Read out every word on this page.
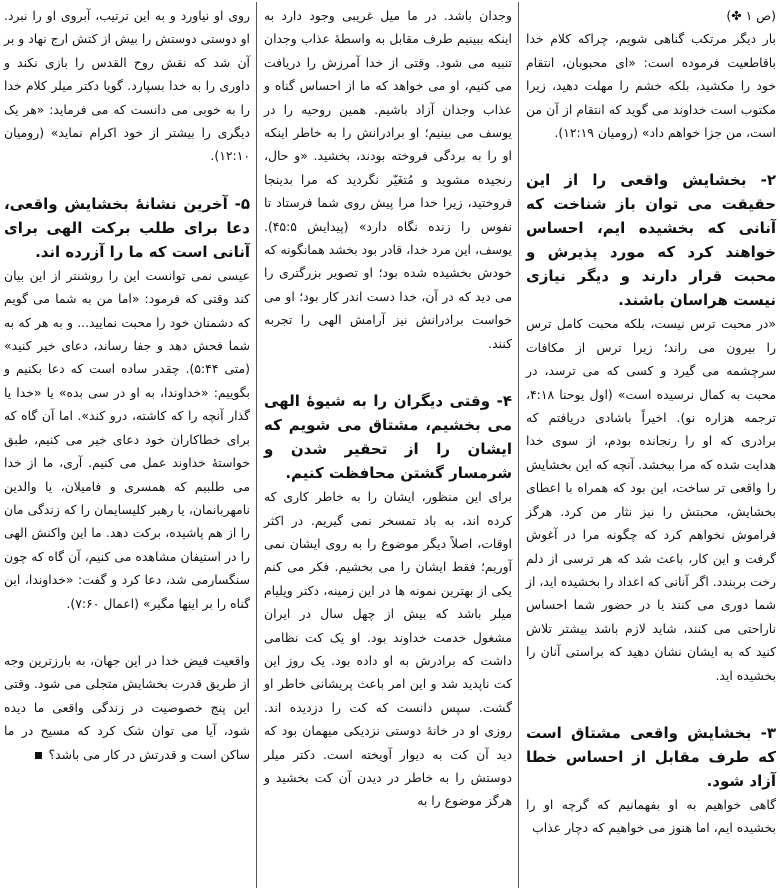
(ص ۱ ✤)

بار دیگر مرتکب گناهی شویم، چراکه کلام خدا باقاطعیت فرموده است: «ای محبوبان، انتقام خود را مکشید، بلکه خشم را مهلت دهید، زیرا مکتوب است خداوند می گوید که انتقام از آن من است، من جزا خواهم داد» (رومیان ۱۲:۱۹).

۲- بخشایش واقعی را از این حقیقت می توان باز شناخت که آنانی که بخشیده ایم، احساس خواهند کرد که مورد پذیرش و محبت قرار دارند و دیگر نیازی نیست هراسان باشند.

«در محبت ترس نیست، بلکه محبت کامل ترس را بیرون می راند؛ زیرا ترس از مکافات سرچشمه می گیرد و کسی که می ترسد، در محبت به کمال نرسیده است» (اول یوحنا ۴:۱۸، ترجمه هزاره نو). اخیراً باشادی دریافتم که برادری که او را رنجانده بودم، از سوی خدا هدایت شده که مرا ببخشد. آنچه که این بخشایش را واقعی تر ساخت، این بود که همراه با اعطای بخشایش، محبتش را نیز نثار من کرد. هرگز فراموش نخواهم کرد که چگونه مرا در آغوش گرفت و این کار، باعث شد که هر ترسی از دلم رخت بربندد. اگر آنانی که اعداد را بخشیده اید، از شما دوری می کنند یا در حضور شما احساس ناراحتی می کنند، شاید لازم باشد بیشتر تلاش کنید که به ایشان نشان دهید که براستی آنان را بخشیده اید.

۳- بخشایش واقعی مشتاق است که طرف مقابل از احساس خطا آزاد شود.

گاهی خواهیم به او بفهمانیم که گرچه او را بخشیده ایم، اما هنوز می خواهیم که دچار عذاب

وجدان باشد. در ما میل غریبی وجود دارد به اینکه ببینیم طرف مقابل به واسطهٔ عذاب وجدان تنبیه می شود. وقتی از خدا آمرزش را دریافت می کنیم، او می خواهد که ما از احساس گناه و عذاب وجدان آزاد باشیم. همین روحیه را در یوسف می بینیم؛ او برادرانش را به خاطر اینکه او را به بردگی فروخته بودند، بخشید. «و حال، رنجیده مشوید و مُتغَیّر نگردید که مرا بدینجا فروختید، زیرا خدا مرا پیش روی شما فرستاد تا نفوس را زنده نگاه دارد» (پیدایش ۴۵:۵). یوسف، این مرد خدا، قادر بود بخشد همانگونه که خودش بخشیده شده بود؛ او تصویر بزرگتری را می دید که در آن، خدا دست اندر کار بود؛ او می خواست برادرانش نیز آرامش الهی را تجربه کنند.

۴- وقتی دیگران را به شیوهٔ الهی می بخشیم، مشتاق می شویم که ایشان را از تحقیر شدن و شرمسار گشتن محافظت کنیم.

برای این منظور، ایشان را به خاطر کاری که کرده اند، به باد تمسخر نمی گیریم. در اکثر اوقات، اصلاً دیگر موضوع را به روی ایشان نمی آوریم؛ فقط ایشان را می بخشیم. فکر می کنم یکی از بهترین نمونه ها در این زمینه، دکتر ویلیام میلر باشد که بیش از چهل سال در ایران مشغول خدمت خداوند بود. او یک کت نظامی داشت که برادرش به او داده بود. یک روز این کت ناپدید شد و این امر باعث پریشانی خاطر او گشت. سپس دانست که کت را دزدیده اند. روزی او در خانهٔ دوستی نزدیکی میهمان بود که دید آن کت به دیوار آویخته است. دکتر میلر دوستش را به خاطر در دیدن آن کت بخشید و هرگز موضوع را به

روی او نیاورد و به این ترتیب، آبروی او را نبرد. او دوستی دوستش را بیش از کتش ارج نهاد و بر آن شد که نقش روح القدس را بازی نکند و داوری را به خدا بسپارد. گویا دکتر میلر کلام خدا را به خوبی می دانست که می فرماید: «هر یک دیگری را بیشتر از خود اکرام نماید» (رومیان ۱۲:۱۰).

۵- آخرین نشانهٔ بخشایش واقعی، دعا برای طلب برکت الهی برای آنانی است که ما را آزرده اند.

عیسی نمی توانست این را روشنتر از این بیان کند وقتی که فرمود: «اما من به شما می گویم که دشمنان خود را محبت نمایید... و به هر که به شما فحش دهد و جفا رساند، دعای خیر کنید» (متی ۵:۴۴). چقدر ساده است که دعا بکنیم و بگوییم: «خداوندا، به او در سی بده» یا «خدا یا گذار آنچه را که کاشته، درو کند». اما آن گاه که برای خطاکاران خود دعای خیر می کنیم، طبق خواستهٔ خداوند عمل می کنیم. آری، ما از خدا می طلبیم که همسری و فامیلان، یا والدین نامهربانمان، یا رهبر کلیسایمان را که زندگی مان را از هم پاشیده، برکت دهد. ما این واکنش الهی را در استیفان مشاهده می کنیم، آن گاه که چون سنگسارمی شد، دعا کرد و گفت: «خداوندا، این گناه را بر اینها مگیر» (اعمال ۷:۶۰).

واقعیت فیض خدا در این جهان، به بارزترین وجه از طریق قدرت بخشایش متجلی می شود. وقتی این پنج خصوصیت در زندگی واقعی ما دیده شود، آیا می توان شک کرد که مسیح در ما ساکن است و قدرتش در کار می باشد؟
